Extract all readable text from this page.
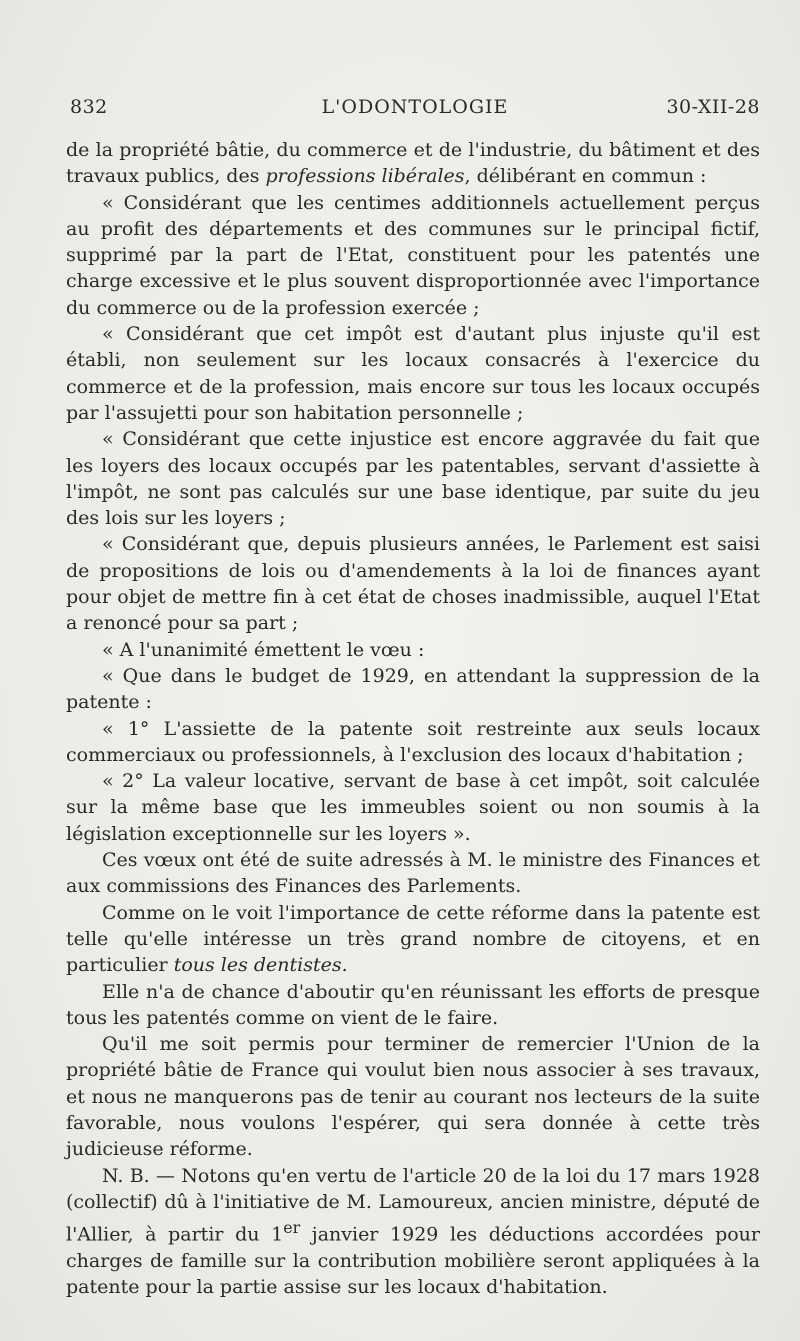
832	L'ODONTOLOGIE	30-XII-28

de la propriété bâtie, du commerce et de l'industrie, du bâtiment et des travaux publics, des professions libérales, délibérant en commun :

« Considérant que les centimes additionnels actuellement perçus au profit des départements et des communes sur le principal fictif, supprimé par la part de l'Etat, constituent pour les patentés une charge excessive et le plus souvent disproportionnée avec l'importance du commerce ou de la profession exercée ;

« Considérant que cet impôt est d'autant plus injuste qu'il est établi, non seulement sur les locaux consacrés à l'exercice du commerce et de la profession, mais encore sur tous les locaux occupés par l'assujetti pour son habitation personnelle ;

« Considérant que cette injustice est encore aggravée du fait que les loyers des locaux occupés par les patentables, servant d'assiette à l'impôt, ne sont pas calculés sur une base identique, par suite du jeu des lois sur les loyers ;

« Considérant que, depuis plusieurs années, le Parlement est saisi de propositions de lois ou d'amendements à la loi de finances ayant pour objet de mettre fin à cet état de choses inadmissible, auquel l'Etat a renoncé pour sa part ;

« A l'unanimité émettent le vœu :

« Que dans le budget de 1929, en attendant la suppression de la patente :

« 1° L'assiette de la patente soit restreinte aux seuls locaux commerciaux ou professionnels, à l'exclusion des locaux d'habitation ;

« 2° La valeur locative, servant de base à cet impôt, soit calculée sur la même base que les immeubles soient ou non soumis à la législation exceptionnelle sur les loyers ».

Ces vœux ont été de suite adressés à M. le ministre des Finances et aux commissions des Finances des Parlements.

Comme on le voit l'importance de cette réforme dans la patente est telle qu'elle intéresse un très grand nombre de citoyens, et en particulier tous les dentistes.

Elle n'a de chance d'aboutir qu'en réunissant les efforts de presque tous les patentés comme on vient de le faire.

Qu'il me soit permis pour terminer de remercier l'Union de la propriété bâtie de France qui voulut bien nous associer à ses travaux, et nous ne manquerons pas de tenir au courant nos lecteurs de la suite favorable, nous voulons l'espérer, qui sera donnée à cette très judicieuse réforme.

N. B. — Notons qu'en vertu de l'article 20 de la loi du 17 mars 1928 (collectif) dû à l'initiative de M. Lamoureux, ancien ministre, député de l'Allier, à partir du 1er janvier 1929 les déductions accordées pour charges de famille sur la contribution mobilière seront appliquées à la patente pour la partie assise sur les locaux d'habitation.
